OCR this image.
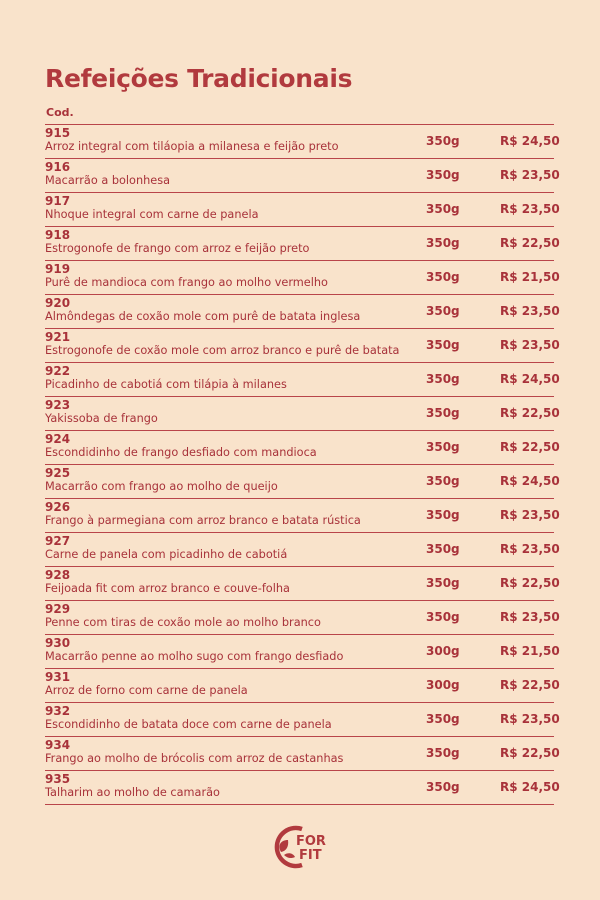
Refeições Tradicionais
Cod.
915
Arroz integral com tiláopia a milanesa e feijão preto	350g	R$ 24,50
916
Macarrão a bolonhesa	350g	R$ 23,50
917
Nhoque integral com carne de panela	350g	R$ 23,50
918
Estrogonofe de frango com arroz e feijão preto	350g	R$ 22,50
919
Purê de mandioca com frango ao molho vermelho	350g	R$ 21,50
920
Almôndegas de coxão mole com purê de batata inglesa	350g	R$ 23,50
921
Estrogonofe de coxão mole com arroz branco e purê de batata	350g	R$ 23,50
922
Picadinho de cabotiá com tilápia à milanes	350g	R$ 24,50
923
Yakissoba de frango	350g	R$ 22,50
924
Escondidinho de frango desfiado com mandioca	350g	R$ 22,50
925
Macarrão com frango ao molho de queijo	350g	R$ 24,50
926
Frango à parmegiana com arroz branco e batata rústica	350g	R$ 23,50
927
Carne de panela com picadinho de cabotiá	350g	R$ 23,50
928
Feijoada fit com arroz branco e couve-folha	350g	R$ 22,50
929
Penne com tiras de coxão mole ao molho branco	350g	R$ 23,50
930
Macarrão penne ao molho sugo com frango desfiado	300g	R$ 21,50
931
Arroz de forno com carne de panela	300g	R$ 22,50
932
Escondidinho de batata doce com carne de panela	350g	R$ 23,50
934
Frango ao molho de brócolis com arroz de castanhas	350g	R$ 22,50
935
Talharim ao molho de camarão	350g	R$ 24,50
FOR
FIT
